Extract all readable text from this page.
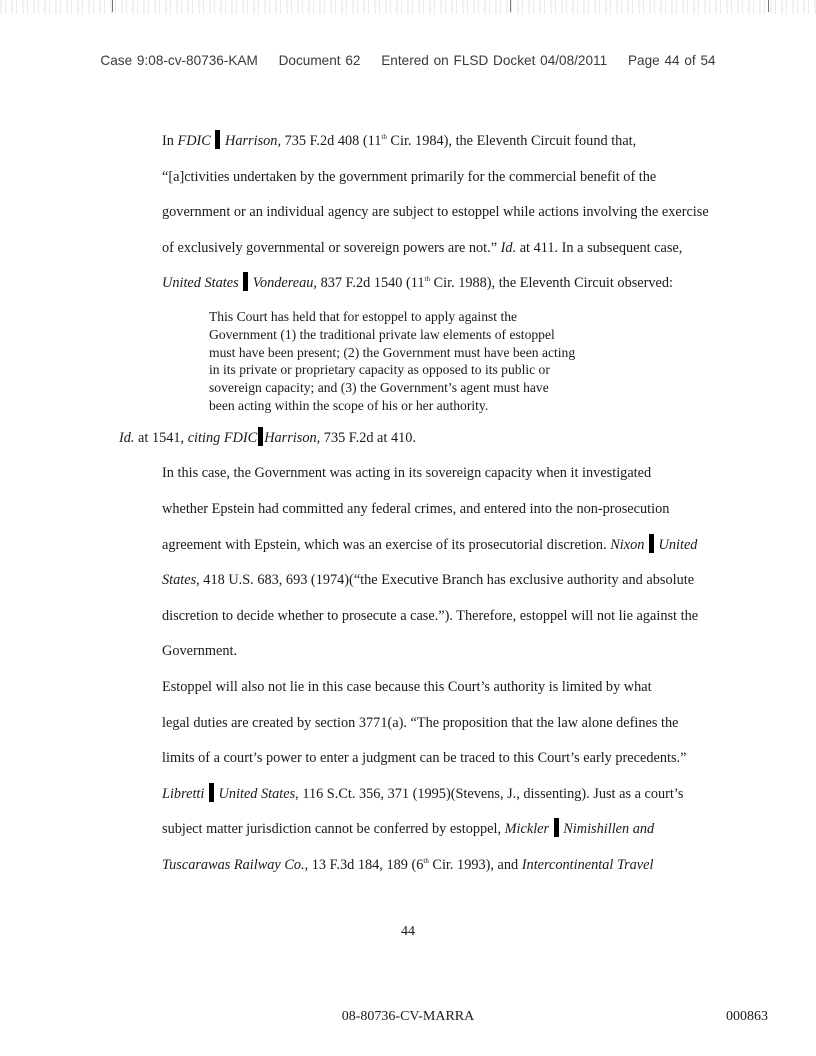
Case 9:08-cv-80736-KAM Document 62 Entered on FLSD Docket 04/08/2011 Page 44 of 54

In FDIC Harrison, 735 F.2d 408 (11th Cir. 1984), the Eleventh Circuit found that,
“[a]ctivities undertaken by the government primarily for the commercial benefit of the
government or an individual agency are subject to estoppel while actions involving the exercise
of exclusively governmental or sovereign powers are not.” Id. at 411. In a subsequent case,
United States Vondereau, 837 F.2d 1540 (11th Cir. 1988), the Eleventh Circuit observed:

This Court has held that for estoppel to apply against the
Government (1) the traditional private law elements of estoppel
must have been present; (2) the Government must have been acting
in its private or proprietary capacity as opposed to its public or
sovereign capacity; and (3) the Government’s agent must have
been acting within the scope of his or her authority.

Id. at 1541, citing FDIC Harrison, 735 F.2d at 410.

In this case, the Government was acting in its sovereign capacity when it investigated
whether Epstein had committed any federal crimes, and entered into the non-prosecution
agreement with Epstein, which was an exercise of its prosecutorial discretion. Nixon United
States, 418 U.S. 683, 693 (1974)(“the Executive Branch has exclusive authority and absolute
discretion to decide whether to prosecute a case.”). Therefore, estoppel will not lie against the
Government.

Estoppel will also not lie in this case because this Court’s authority is limited by what
legal duties are created by section 3771(a). “The proposition that the law alone defines the
limits of a court’s power to enter a judgment can be traced to this Court’s early precedents.”
Libretti United States, 116 S.Ct. 356, 371 (1995)(Stevens, J., dissenting). Just as a court’s
subject matter jurisdiction cannot be conferred by estoppel, Mickler Nimishillen and
Tuscarawas Railway Co., 13 F.3d 184, 189 (6th Cir. 1993), and Intercontinental Travel

44
08-80736-CV-MARRA	000863
